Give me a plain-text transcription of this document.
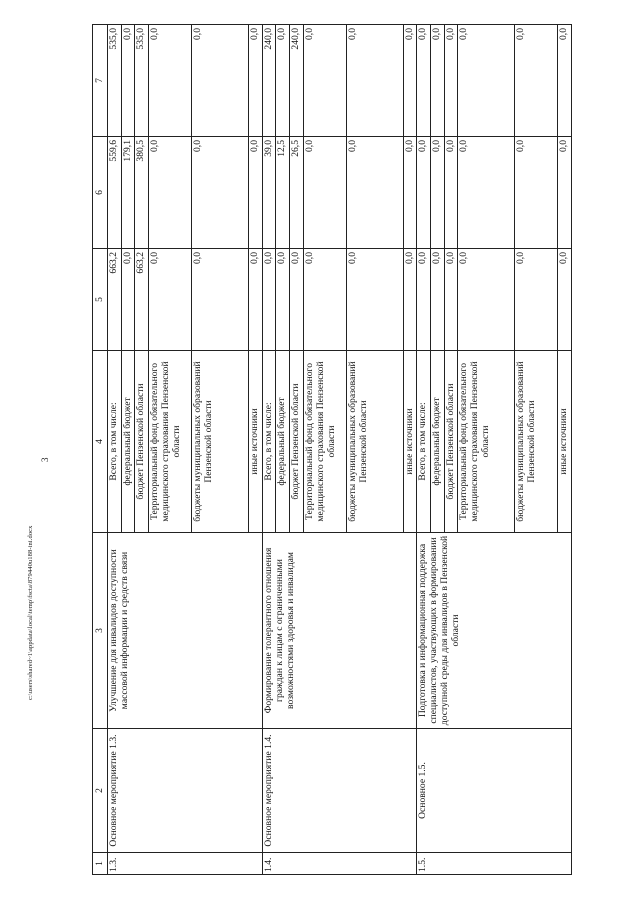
3
c:\users\shared~1\appdata\local\temp\fscta\879440u188-ini.docx
1	2	3	4	5	6	7
1.3.	Основное мероприятие 1.3.	Улучшение для инвалидов доступности массовой информации и средств связи	Всего, в том числе:	663,2	559,6	535,0
			федеральный бюджет	0,0	179,1	0,0
			бюджет Пензенской области	663,2	380,5	535,0
			Территориальный фонд обязательного медицинского страхования Пензенской области	0,0	0,0	0,0
			бюджеты муниципальных образований Пензенской области	0,0	0,0	0,0
			иные источники	0,0	0,0	0,0
1.4.	Основное мероприятие 1.4.	Формирование толерантного отношения граждан к лицам с ограниченными возможностями здоровья и инвалидам	Всего, в том числе:	0,0	39,0	240,0
			федеральный бюджет	0,0	12,5	0,0
			бюджет Пензенской области	0,0	26,5	240,0
			Территориальный фонд обязательного медицинского страхования Пензенской области	0,0	0,0	0,0
			бюджеты муниципальных образований Пензенской области	0,0	0,0	0,0
			иные источники	0,0	0,0	0,0
1.5.	Основное 1.5.	Подготовка и информационная поддержка специалистов, участвующих в формировании доступной среды для инвалидов в Пензенской области	Всего, в том числе:	0,0	0,0	0,0
			федеральный бюджет	0,0	0,0	0,0
			бюджет Пензенской области	0,0	0,0	0,0
			Территориальный фонд обязательного медицинского страхования Пензенской области	0,0	0,0	0,0
			бюджеты муниципальных образований Пензенской области	0,0	0,0	0,0
			иные источники	0,0	0,0	0,0
